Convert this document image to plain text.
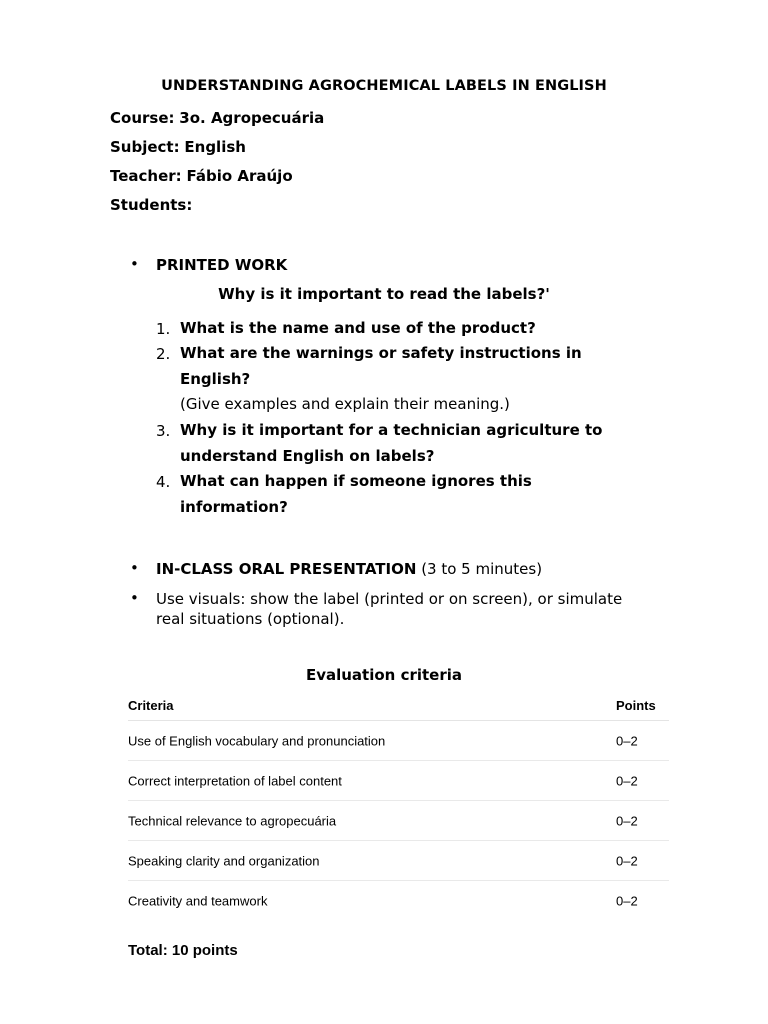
UNDERSTANDING AGROCHEMICAL LABELS IN ENGLISH
Course: 3o. Agropecuária
Subject: English
Teacher: Fábio Araújo
Students:
• PRINTED WORK
Why is it important to read the labels?'
1. What is the name and use of the product?
2. What are the warnings or safety instructions in
English?
(Give examples and explain their meaning.)
3. Why is it important for a technician agriculture to
understand English on labels?
4. What can happen if someone ignores this
information?
• IN-CLASS ORAL PRESENTATION (3 to 5 minutes)
• Use visuals: show the label (printed or on screen), or simulate
real situations (optional).
Evaluation criteria
Criteria	Points
Use of English vocabulary and pronunciation	0–2
Correct interpretation of label content	0–2
Technical relevance to agropecuária	0–2
Speaking clarity and organization	0–2
Creativity and teamwork	0–2
Total: 10 points
